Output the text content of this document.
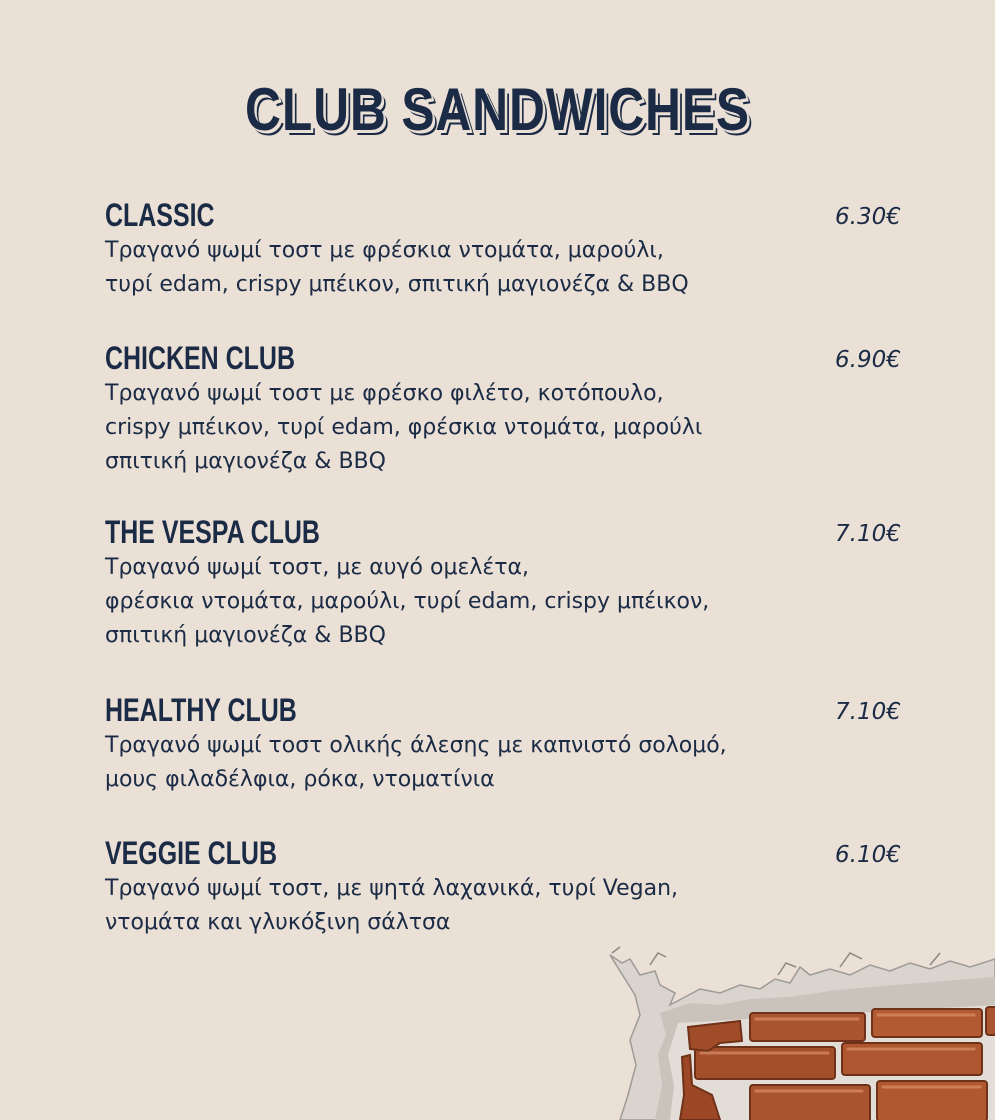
CLUB SANDWICHES
CLASSIC
Τραγανό ψωμί τοστ με φρέσκια ντομάτα, μαρούλι,
τυρί edam, crispy μπέικον, σπιτική μαγιονέζα & BBQ
6.30€
CHICKEN CLUB
Τραγανό ψωμί τοστ με φρέσκο φιλέτο, κοτόπουλο,
crispy μπέικον, τυρί edam, φρέσκια ντομάτα, μαρούλι
σπιτική μαγιονέζα & BBQ
6.90€
THE VESPA CLUB
Τραγανό ψωμί τοστ, με αυγό ομελέτα,
φρέσκια ντομάτα, μαρούλι, τυρί edam, crispy μπέικον,
σπιτική μαγιονέζα & BBQ
7.10€
HEALTHY CLUB
Τραγανό ψωμί τοστ ολικής άλεσης με καπνιστό σολομό,
μους φιλαδέλφια, ρόκα, ντοματίνια
7.10€
VEGGIE CLUB
Τραγανό ψωμί τοστ, με ψητά λαχανικά, τυρί Vegan,
ντομάτα και γλυκόξινη σάλτσα
6.10€
